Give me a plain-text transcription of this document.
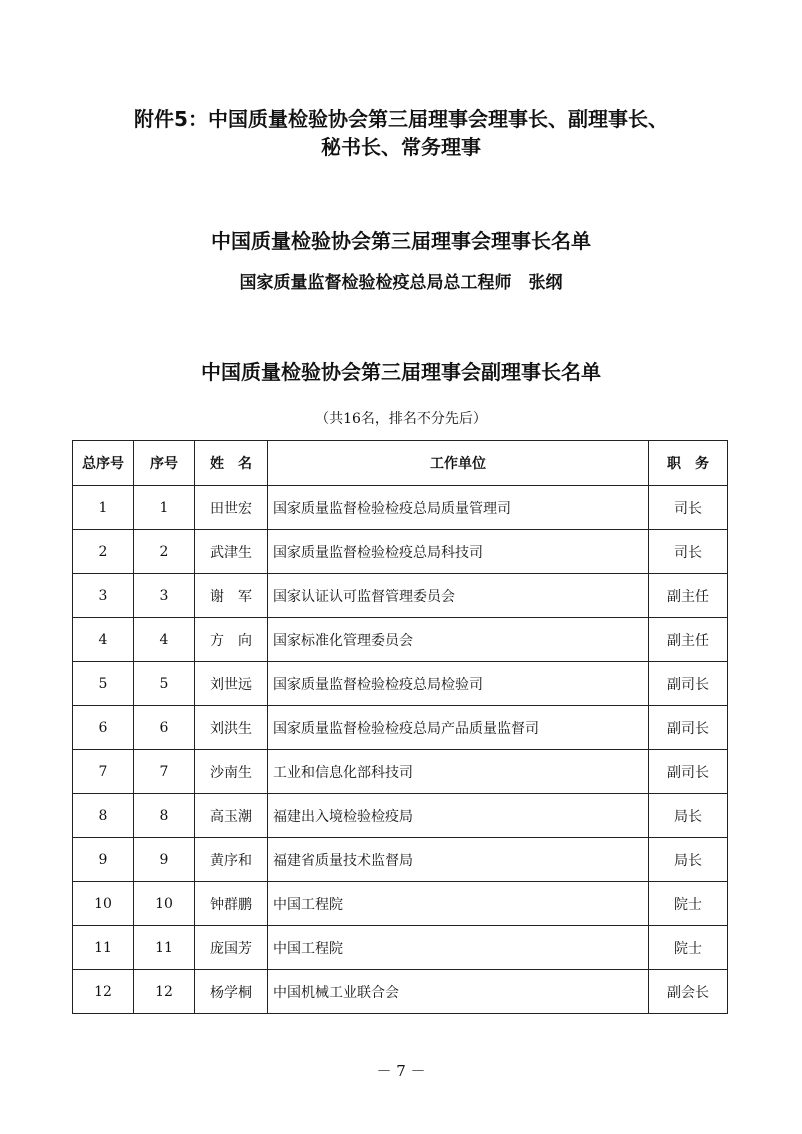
附件5：中国质量检验协会第三届理事会理事长、副理事长、
秘书长、常务理事
中国质量检验协会第三届理事会理事长名单
国家质量监督检验检疫总局总工程师　张纲
中国质量检验协会第三届理事会副理事长名单
（共16名，排名不分先后）
总序号	序号	姓　名	工作单位	职　务
1	1	田世宏	国家质量监督检验检疫总局质量管理司	司长
2	2	武津生	国家质量监督检验检疫总局科技司	司长
3	3	谢　军	国家认证认可监督管理委员会	副主任
4	4	方　向	国家标准化管理委员会	副主任
5	5	刘世远	国家质量监督检验检疫总局检验司	副司长
6	6	刘洪生	国家质量监督检验检疫总局产品质量监督司	副司长
7	7	沙南生	工业和信息化部科技司	副司长
8	8	高玉潮	福建出入境检验检疫局	局长
9	9	黄序和	福建省质量技术监督局	局长
10	10	钟群鹏	中国工程院	院士
11	11	庞国芳	中国工程院	院士
12	12	杨学桐	中国机械工业联合会	副会长
－ 7 －
